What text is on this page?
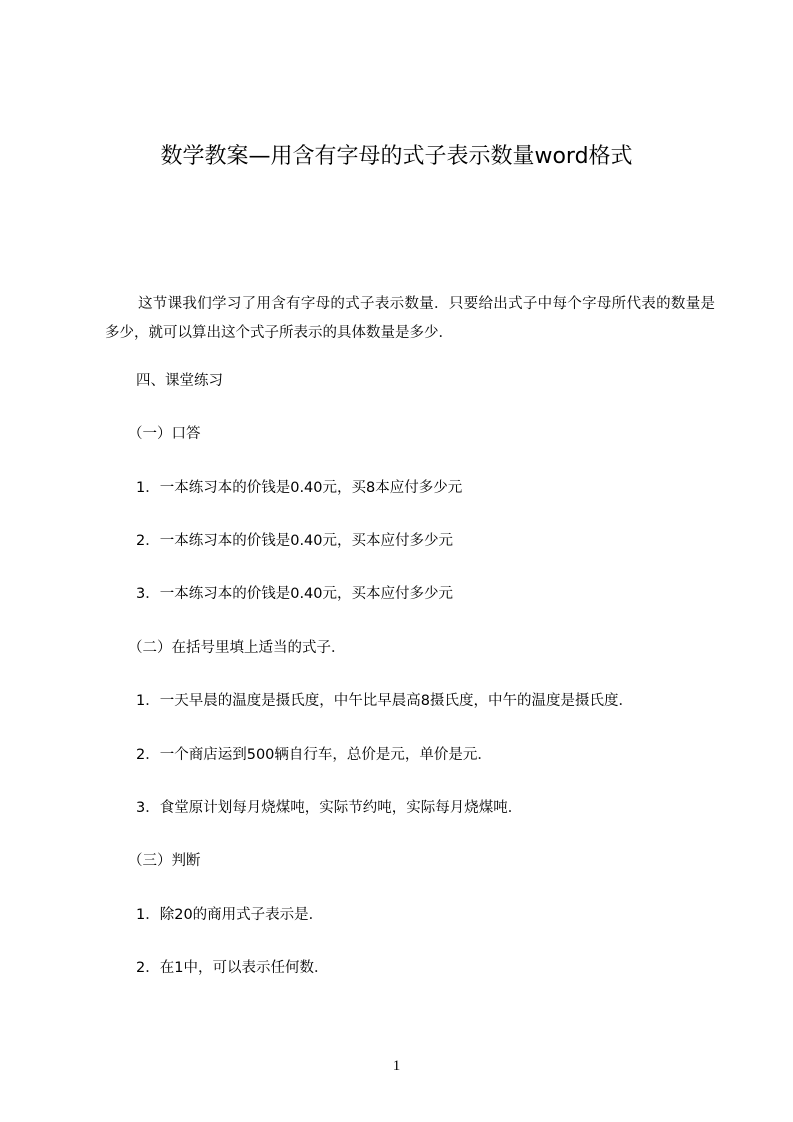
数学教案—用含有字母的式子表示数量word格式

这节课我们学习了用含有字母的式子表示数量．只要给出式子中每个字母所代表的数量是多少，就可以算出这个式子所表示的具体数量是多少．

四、课堂练习

（一）口答

1．一本练习本的价钱是0.40元，买8本应付多少元

2．一本练习本的价钱是0.40元，买本应付多少元

3．一本练习本的价钱是0.40元，买本应付多少元

（二）在括号里填上适当的式子．

1．一天早晨的温度是摄氏度，中午比早晨高8摄氏度，中午的温度是摄氏度．

2．一个商店运到500辆自行车，总价是元，单价是元．

3．食堂原计划每月烧煤吨，实际节约吨，实际每月烧煤吨．

（三）判断

1．除20的商用式子表示是．

2．在1中，可以表示任何数．

1
